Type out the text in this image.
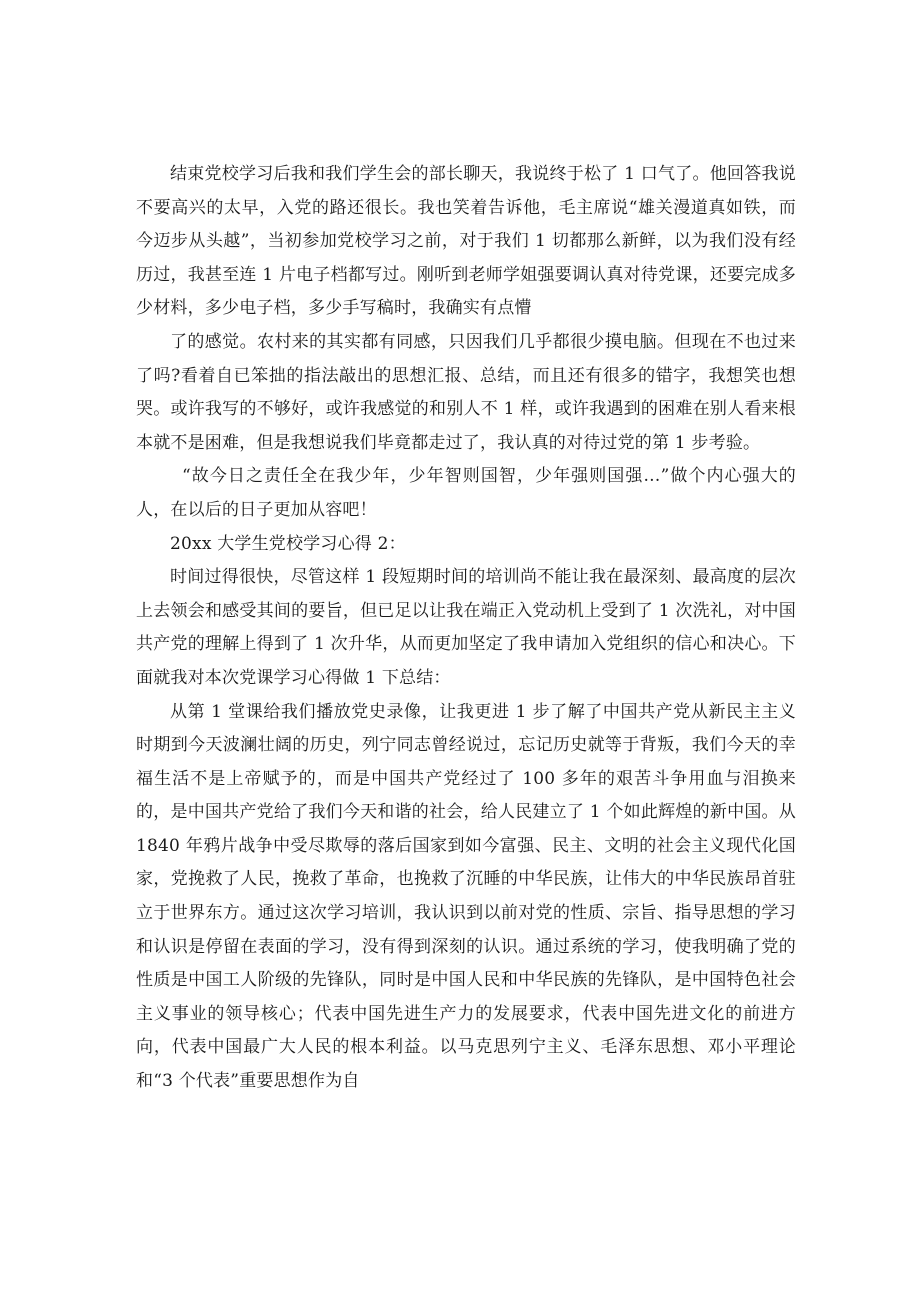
结束党校学习后我和我们学生会的部长聊天，我说终于松了 1 口气了。他回答我说不要高兴的太早，入党的路还很长。我也笑着告诉他，毛主席说“雄关漫道真如铁，而今迈步从头越”，当初参加党校学习之前，对于我们 1 切都那么新鲜，以为我们没有经历过，我甚至连 1 片电子档都写过。刚听到老师学姐强要调认真对待党课，还要完成多少材料，多少电子档，多少手写稿时，我确实有点懵

了的感觉。农村来的其实都有同感，只因我们几乎都很少摸电脑。但现在不也过来了吗?看着自已笨拙的指法敲出的思想汇报、总结，而且还有很多的错字，我想笑也想哭。或许我写的不够好，或许我感觉的和别人不 1 样，或许我遇到的困难在别人看来根本就不是困难，但是我想说我们毕竟都走过了，我认真的对待过党的第 1 步考验。

“故今日之责任全在我少年，少年智则国智，少年强则国强…”做个内心强大的人，在以后的日子更加从容吧！

20xx 大学生党校学习心得 2：

时间过得很快，尽管这样 1 段短期时间的培训尚不能让我在最深刻、最高度的层次上去领会和感受其间的要旨，但已足以让我在端正入党动机上受到了 1 次洗礼，对中国共产党的理解上得到了 1 次升华，从而更加坚定了我申请加入党组织的信心和决心。下面就我对本次党课学习心得做 1 下总结：

从第 1 堂课给我们播放党史录像，让我更进 1 步了解了中国共产党从新民主主义时期到今天波澜壮阔的历史，列宁同志曾经说过，忘记历史就等于背叛，我们今天的幸福生活不是上帝赋予的，而是中国共产党经过了 100 多年的艰苦斗争用血与泪换来的，是中国共产党给了我们今天和谐的社会，给人民建立了 1 个如此辉煌的新中国。从 1840 年鸦片战争中受尽欺辱的落后国家到如今富强、民主、文明的社会主义现代化国家，党挽救了人民，挽救了革命，也挽救了沉睡的中华民族，让伟大的中华民族昂首驻立于世界东方。通过这次学习培训，我认识到以前对党的性质、宗旨、指导思想的学习和认识是停留在表面的学习，没有得到深刻的认识。通过系统的学习，使我明确了党的性质是中国工人阶级的先锋队，同时是中国人民和中华民族的先锋队，是中国特色社会主义事业的领导核心；代表中国先进生产力的发展要求，代表中国先进文化的前进方向，代表中国最广大人民的根本利益。以马克思列宁主义、毛泽东思想、邓小平理论和“3 个代表”重要思想作为自
